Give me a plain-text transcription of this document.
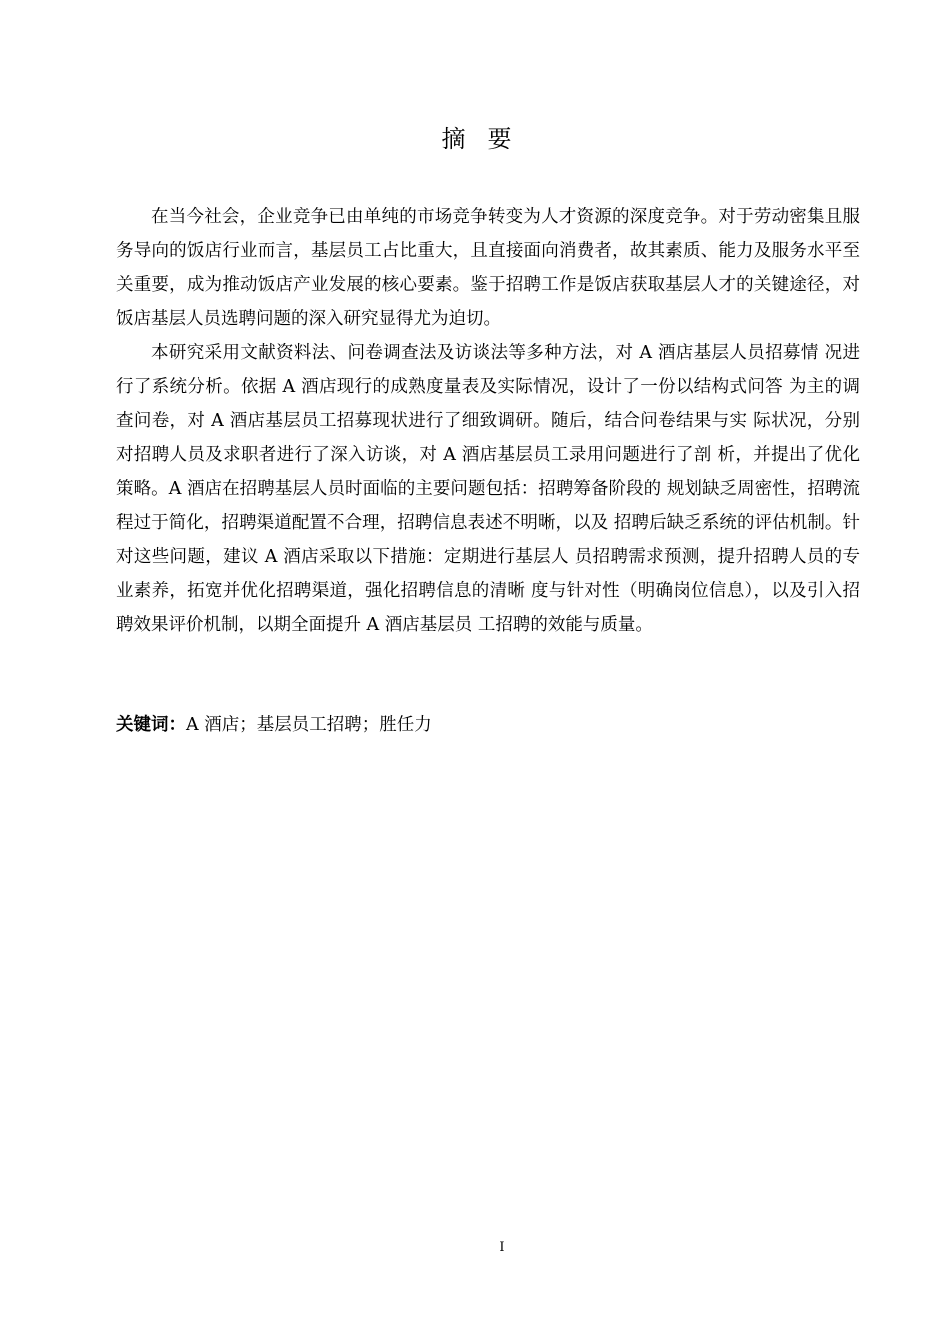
摘要

在当今社会，企业竞争已由单纯的市场竞争转变为人才资源的深度竞争。对于劳动密集且服务导向的饭店行业而言，基层员工占比重大，且直接面向消费者，故其素质、能力及服务水平至关重要，成为推动饭店产业发展的核心要素。鉴于招聘工作是饭店获取基层人才的关键途径，对饭店基层人员选聘问题的深入研究显得尤为迫切。

本研究采用文献资料法、问卷调查法及访谈法等多种方法，对 A 酒店基层人员招募情 况进行了系统分析。依据 A 酒店现行的成熟度量表及实际情况，设计了一份以结构式问答 为主的调查问卷，对 A 酒店基层员工招募现状进行了细致调研。随后，结合问卷结果与实 际状况，分别对招聘人员及求职者进行了深入访谈，对 A 酒店基层员工录用问题进行了剖 析，并提出了优化策略。A 酒店在招聘基层人员时面临的主要问题包括：招聘筹备阶段的 规划缺乏周密性，招聘流程过于简化，招聘渠道配置不合理，招聘信息表述不明晰，以及 招聘后缺乏系统的评估机制。针对这些问题，建议 A 酒店采取以下措施：定期进行基层人 员招聘需求预测，提升招聘人员的专业素养，拓宽并优化招聘渠道，强化招聘信息的清晰 度与针对性（明确岗位信息），以及引入招聘效果评价机制，以期全面提升 A 酒店基层员 工招聘的效能与质量。

关键词：A 酒店；基层员工招聘；胜任力
I
